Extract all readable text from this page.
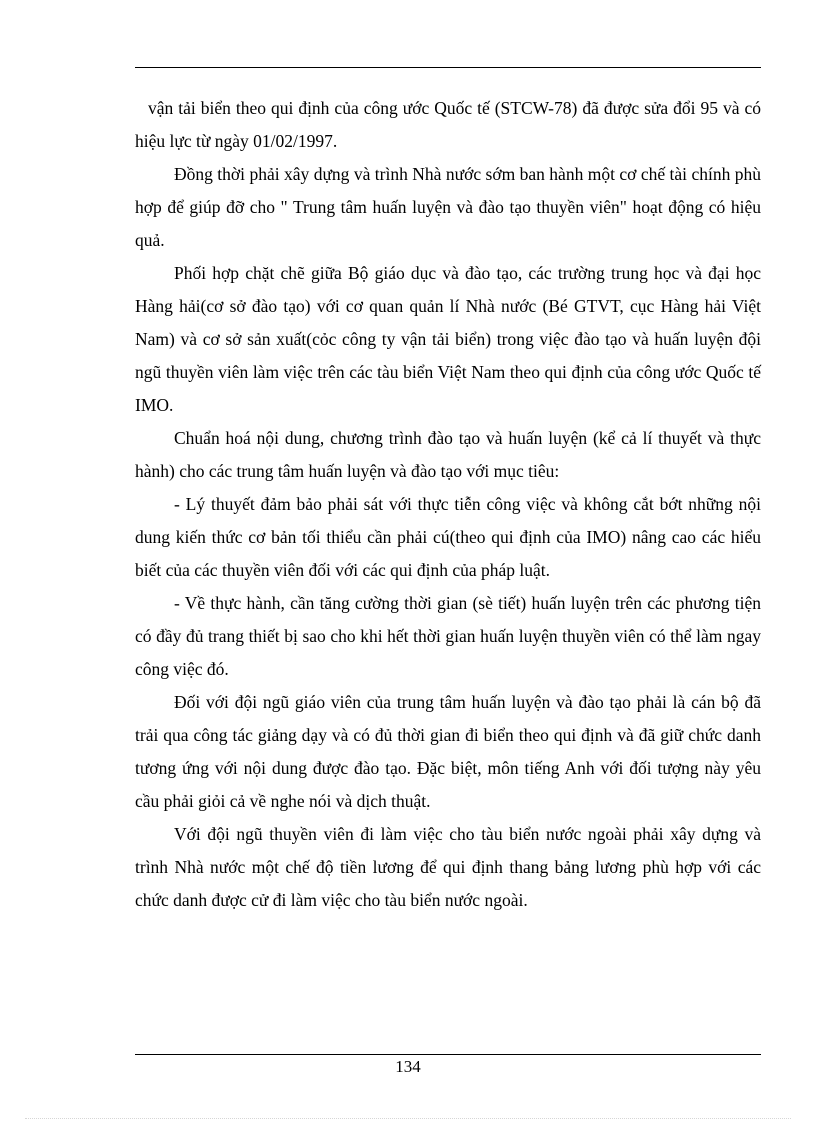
vận tải biển theo qui định của công ước Quốc tế (STCW-78) đã được sửa đổi 95 và có hiệu lực từ ngày 01/02/1997.

Đồng thời phải xây dựng và trình Nhà nước sớm ban hành một cơ chế tài chính phù hợp để giúp đỡ cho " Trung tâm huấn luyện và đào tạo thuyền viên" hoạt động có hiệu quả.

Phối hợp chặt chẽ giữa Bộ giáo dục và đào tạo, các trường trung học và đại học Hàng hải(cơ sở đào tạo) với cơ quan quản lí Nhà nước (Bé GTVT, cục Hàng hải Việt Nam) và cơ sở sản xuất(cỏc công ty vận tải biển) trong việc đào tạo và huấn luyện đội ngũ thuyền viên làm việc trên các tàu biển Việt Nam theo qui định của công ước Quốc tế IMO.

Chuẩn hoá nội dung, chương trình đào tạo và huấn luyện (kể cả lí thuyết và thực hành) cho các trung tâm huấn luyện và đào tạo với mục tiêu:

- Lý thuyết đảm bảo phải sát với thực tiễn công việc và không cắt bớt những nội dung kiến thức cơ bản tối thiểu cần phải cú(theo qui định của IMO) nâng cao các hiểu biết của các thuyền viên đối với các qui định của pháp luật.

- Về thực hành, cần tăng cường thời gian (sè tiết) huấn luyện trên các phương tiện có đầy đủ trang thiết bị sao cho khi hết thời gian huấn luyện thuyền viên có thể làm ngay công việc đó.

Đối với đội ngũ giáo viên của trung tâm huấn luyện và đào tạo phải là cán bộ đã trải qua công tác giảng dạy và có đủ thời gian đi biển theo qui định và đã giữ chức danh tương ứng với nội dung được đào tạo. Đặc biệt, môn tiếng Anh với đối tượng này yêu cầu phải giỏi cả về nghe nói và dịch thuật.

Với đội ngũ thuyền viên đi làm việc cho tàu biển nước ngoài phải xây dựng và trình Nhà nước một chế độ tiền lương để qui định thang bảng lương phù hợp với các chức danh được cử đi làm việc cho tàu biển nước ngoài.

134
